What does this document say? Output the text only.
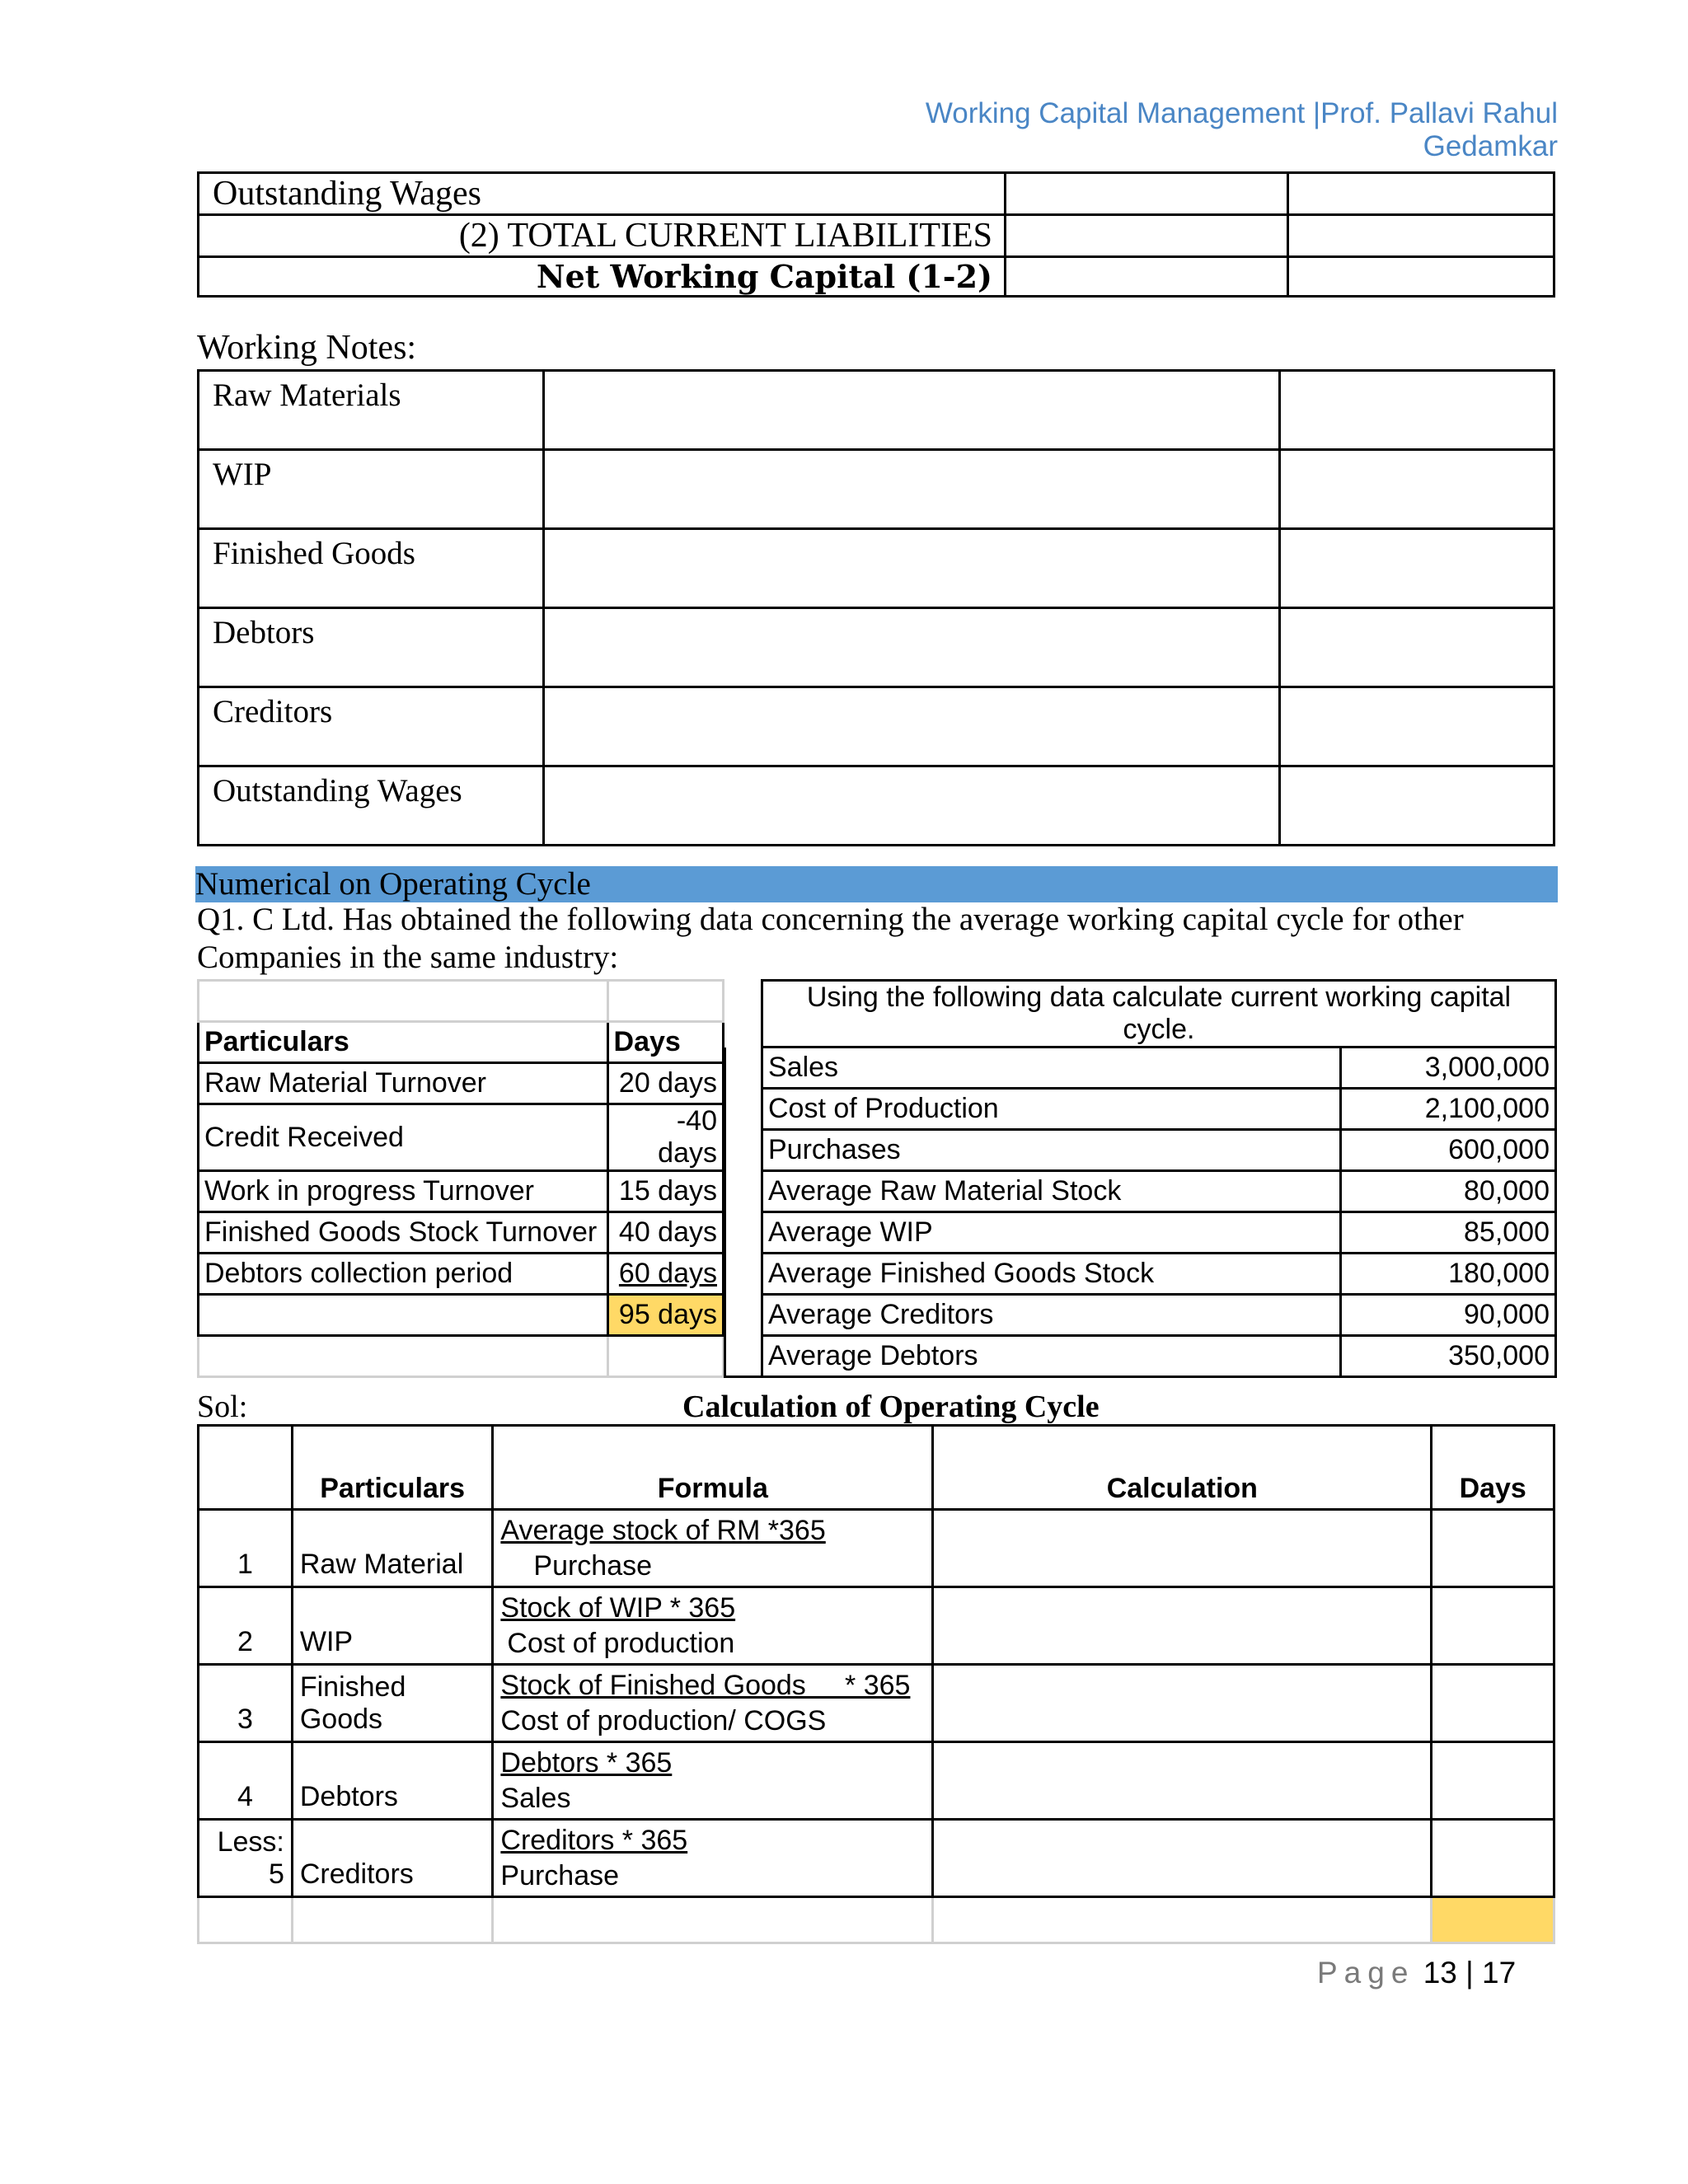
Working Capital Management |Prof. Pallavi Rahul Gedamkar
Outstanding Wages		
(2) TOTAL CURRENT LIABILITIES		
Net Working Capital (1-2)		
Working Notes:
Raw Materials		
WIP		
Finished Goods		
Debtors		
Creditors		
Outstanding Wages		
Numerical on Operating Cycle
Q1. C Ltd. Has obtained the following data concerning the average working capital cycle for other Companies in the same industry:

Particulars	Days
Raw Material Turnover	20 days
Credit Received	-40 days
Work in progress Turnover	15 days
Finished Goods Stock Turnover	40 days
Debtors collection period	60 days
	95 days

	Using the following data calculate current working capital cycle.	
	Sales	3,000,000
	Cost of Production	2,100,000
	Purchases	600,000
	Average Raw Material Stock	80,000
	Average WIP	85,000
	Average Finished Goods Stock	180,000
	Average Creditors	90,000
	Average Debtors	350,000
Sol:	Calculation of Operating Cycle
	Particulars	Formula	Calculation	Days
1	Raw Material	Average stock of RM *365
Purchase		

2	WIP	Stock of WIP * 365
Cost of production		

3	Finished Goods	Stock of Finished Goods     * 365
Cost of production/ COGS		

4	Debtors	Debtors * 365
Sales		

Less: 5	Creditors	Creditors * 365
Purchase		

Page 13 | 17
